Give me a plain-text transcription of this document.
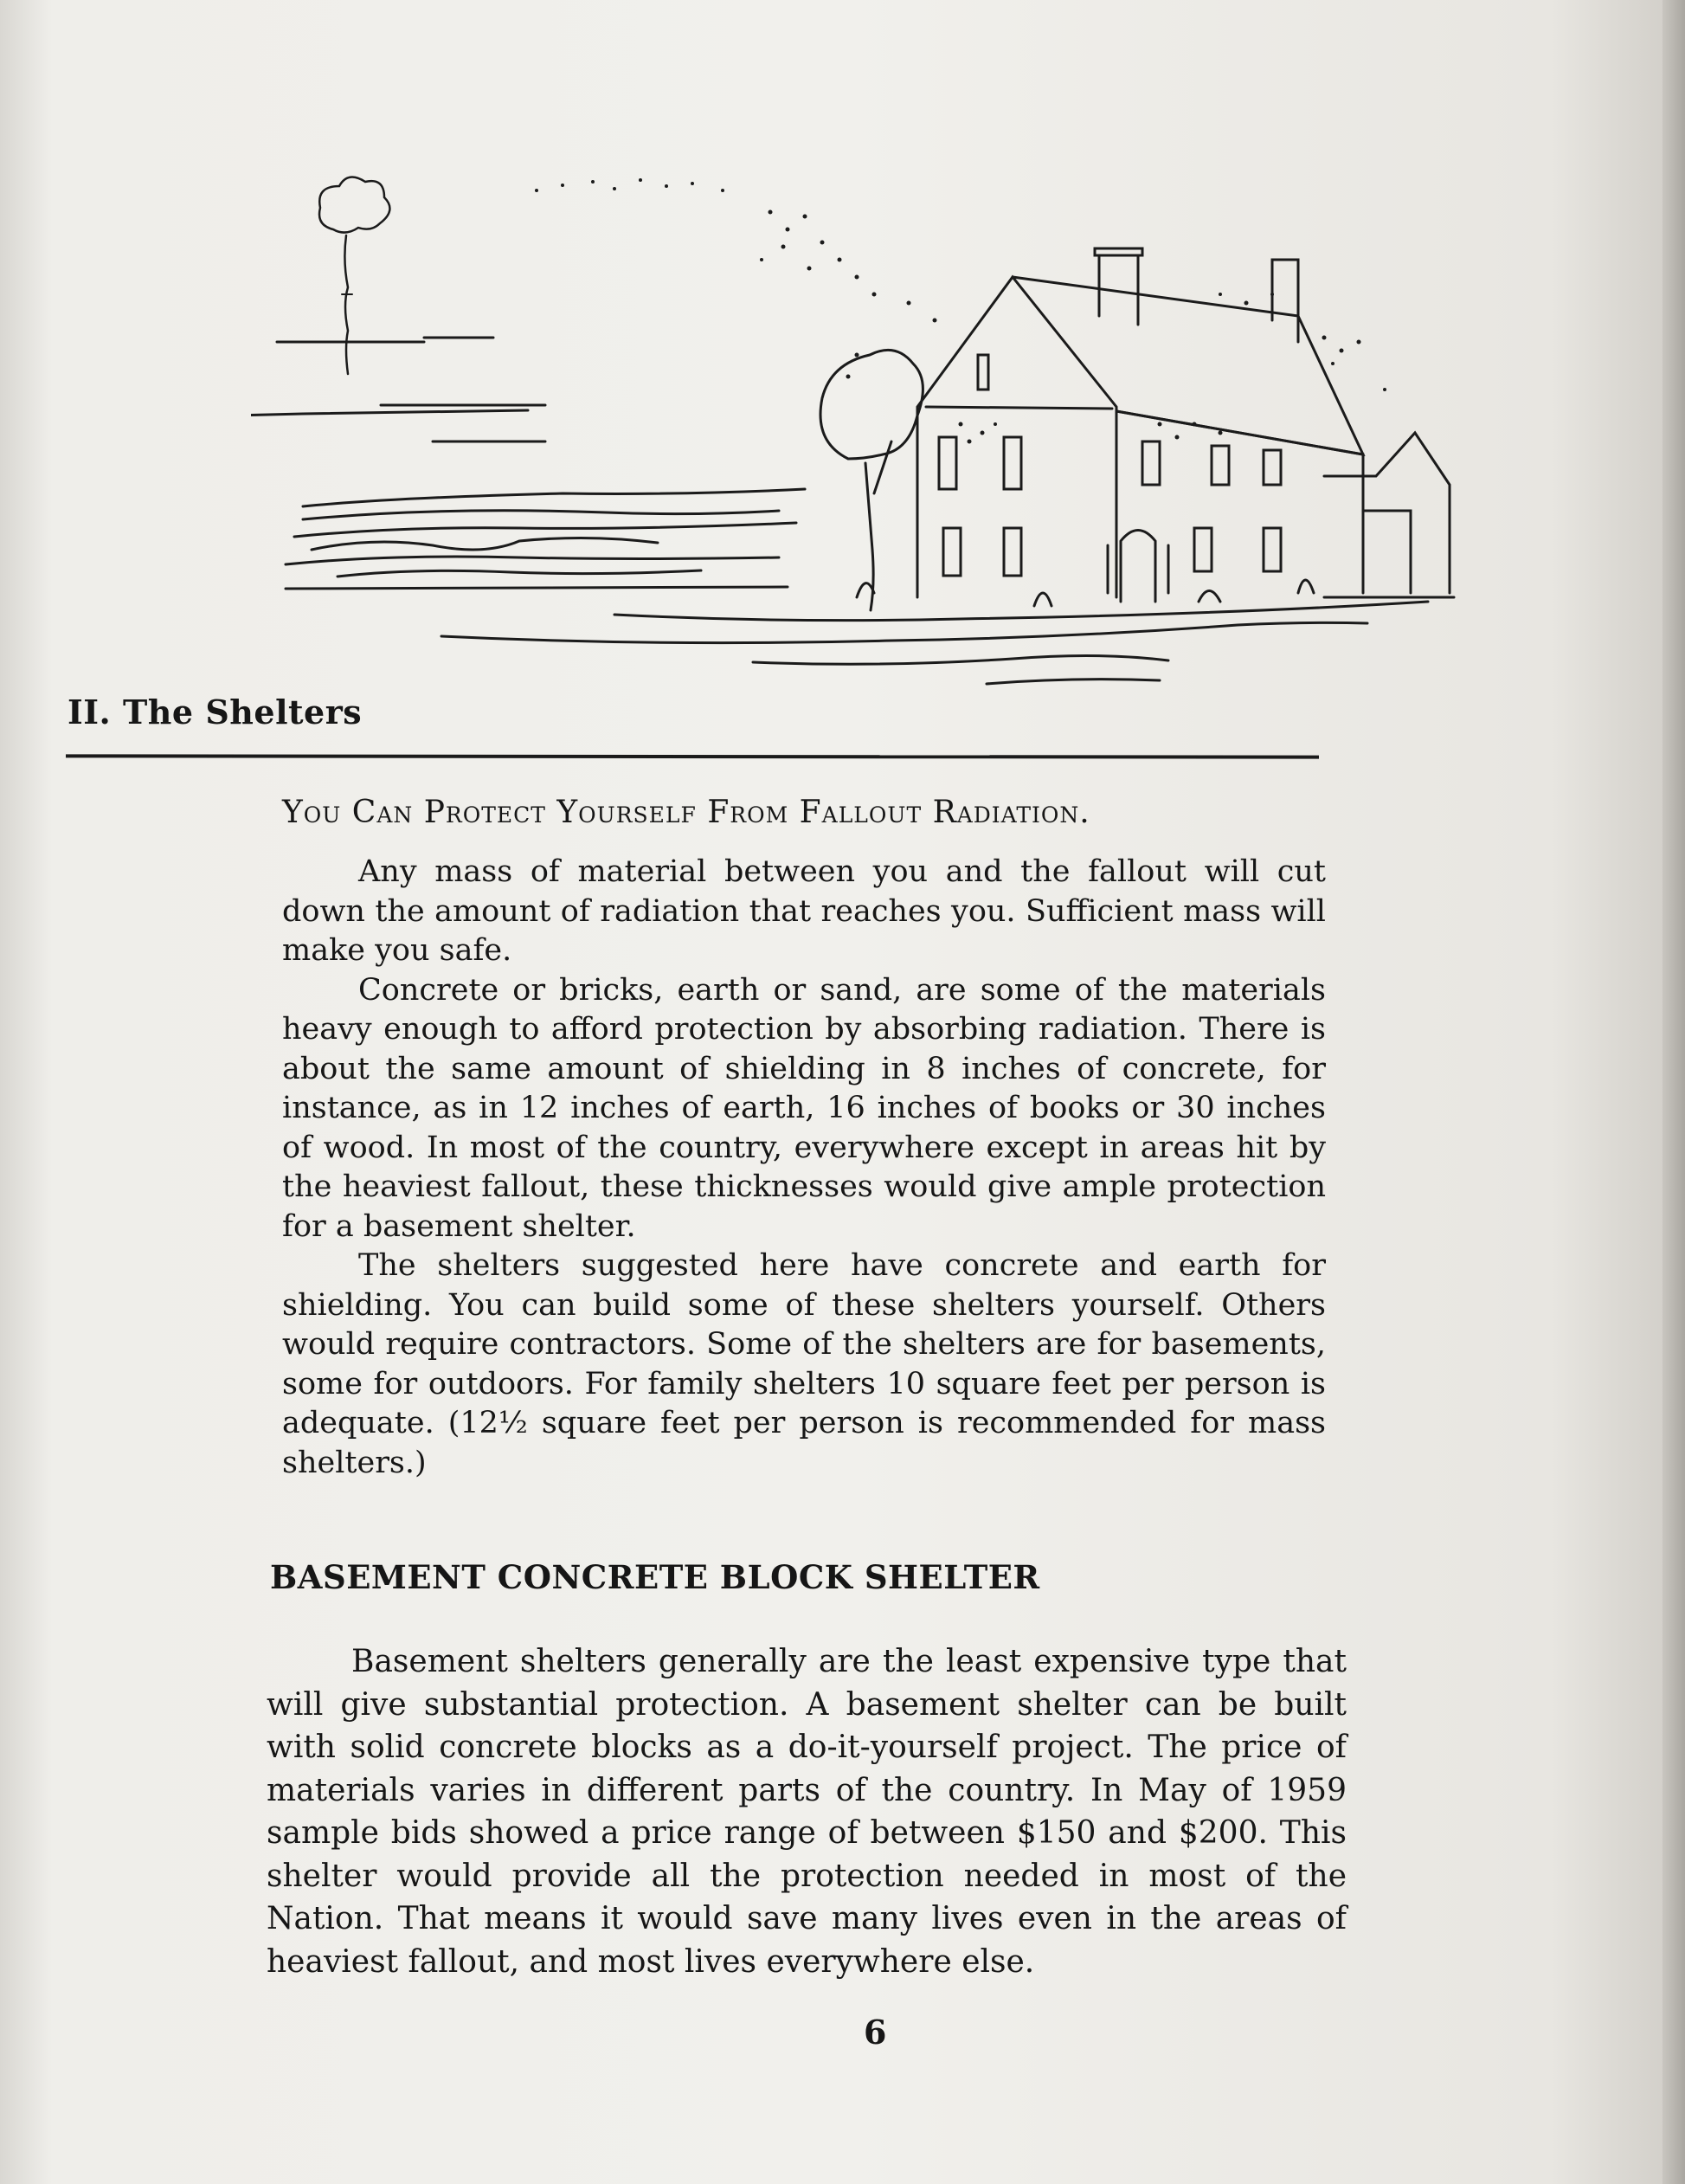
II. The Shelters
You Can Protect Yourself From Fallout Radiation.

Any mass of material between you and the fallout will cut down the amount of radiation that reaches you. Sufficient mass will make you safe.

Concrete or bricks, earth or sand, are some of the materials heavy enough to afford protection by absorbing radiation. There is about the same amount of shielding in 8 inches of concrete, for instance, as in 12 inches of earth, 16 inches of books or 30 inches of wood. In most of the country, everywhere except in areas hit by the heaviest fallout, these thicknesses would give ample protection for a basement shelter.

The shelters suggested here have concrete and earth for shielding. You can build some of these shelters yourself. Others would require contractors. Some of the shelters are for basements, some for outdoors. For family shelters 10 square feet per person is adequate. (12½ square feet per person is recommended for mass shelters.)

BASEMENT CONCRETE BLOCK SHELTER

Basement shelters generally are the least expensive type that will give substantial protection. A basement shelter can be built with solid concrete blocks as a do-it-yourself project. The price of materials varies in different parts of the country. In May of 1959 sample bids showed a price range of between $150 and $200. This shelter would provide all the protection needed in most of the Nation. That means it would save many lives even in the areas of heaviest fallout, and most lives everywhere else.

6
